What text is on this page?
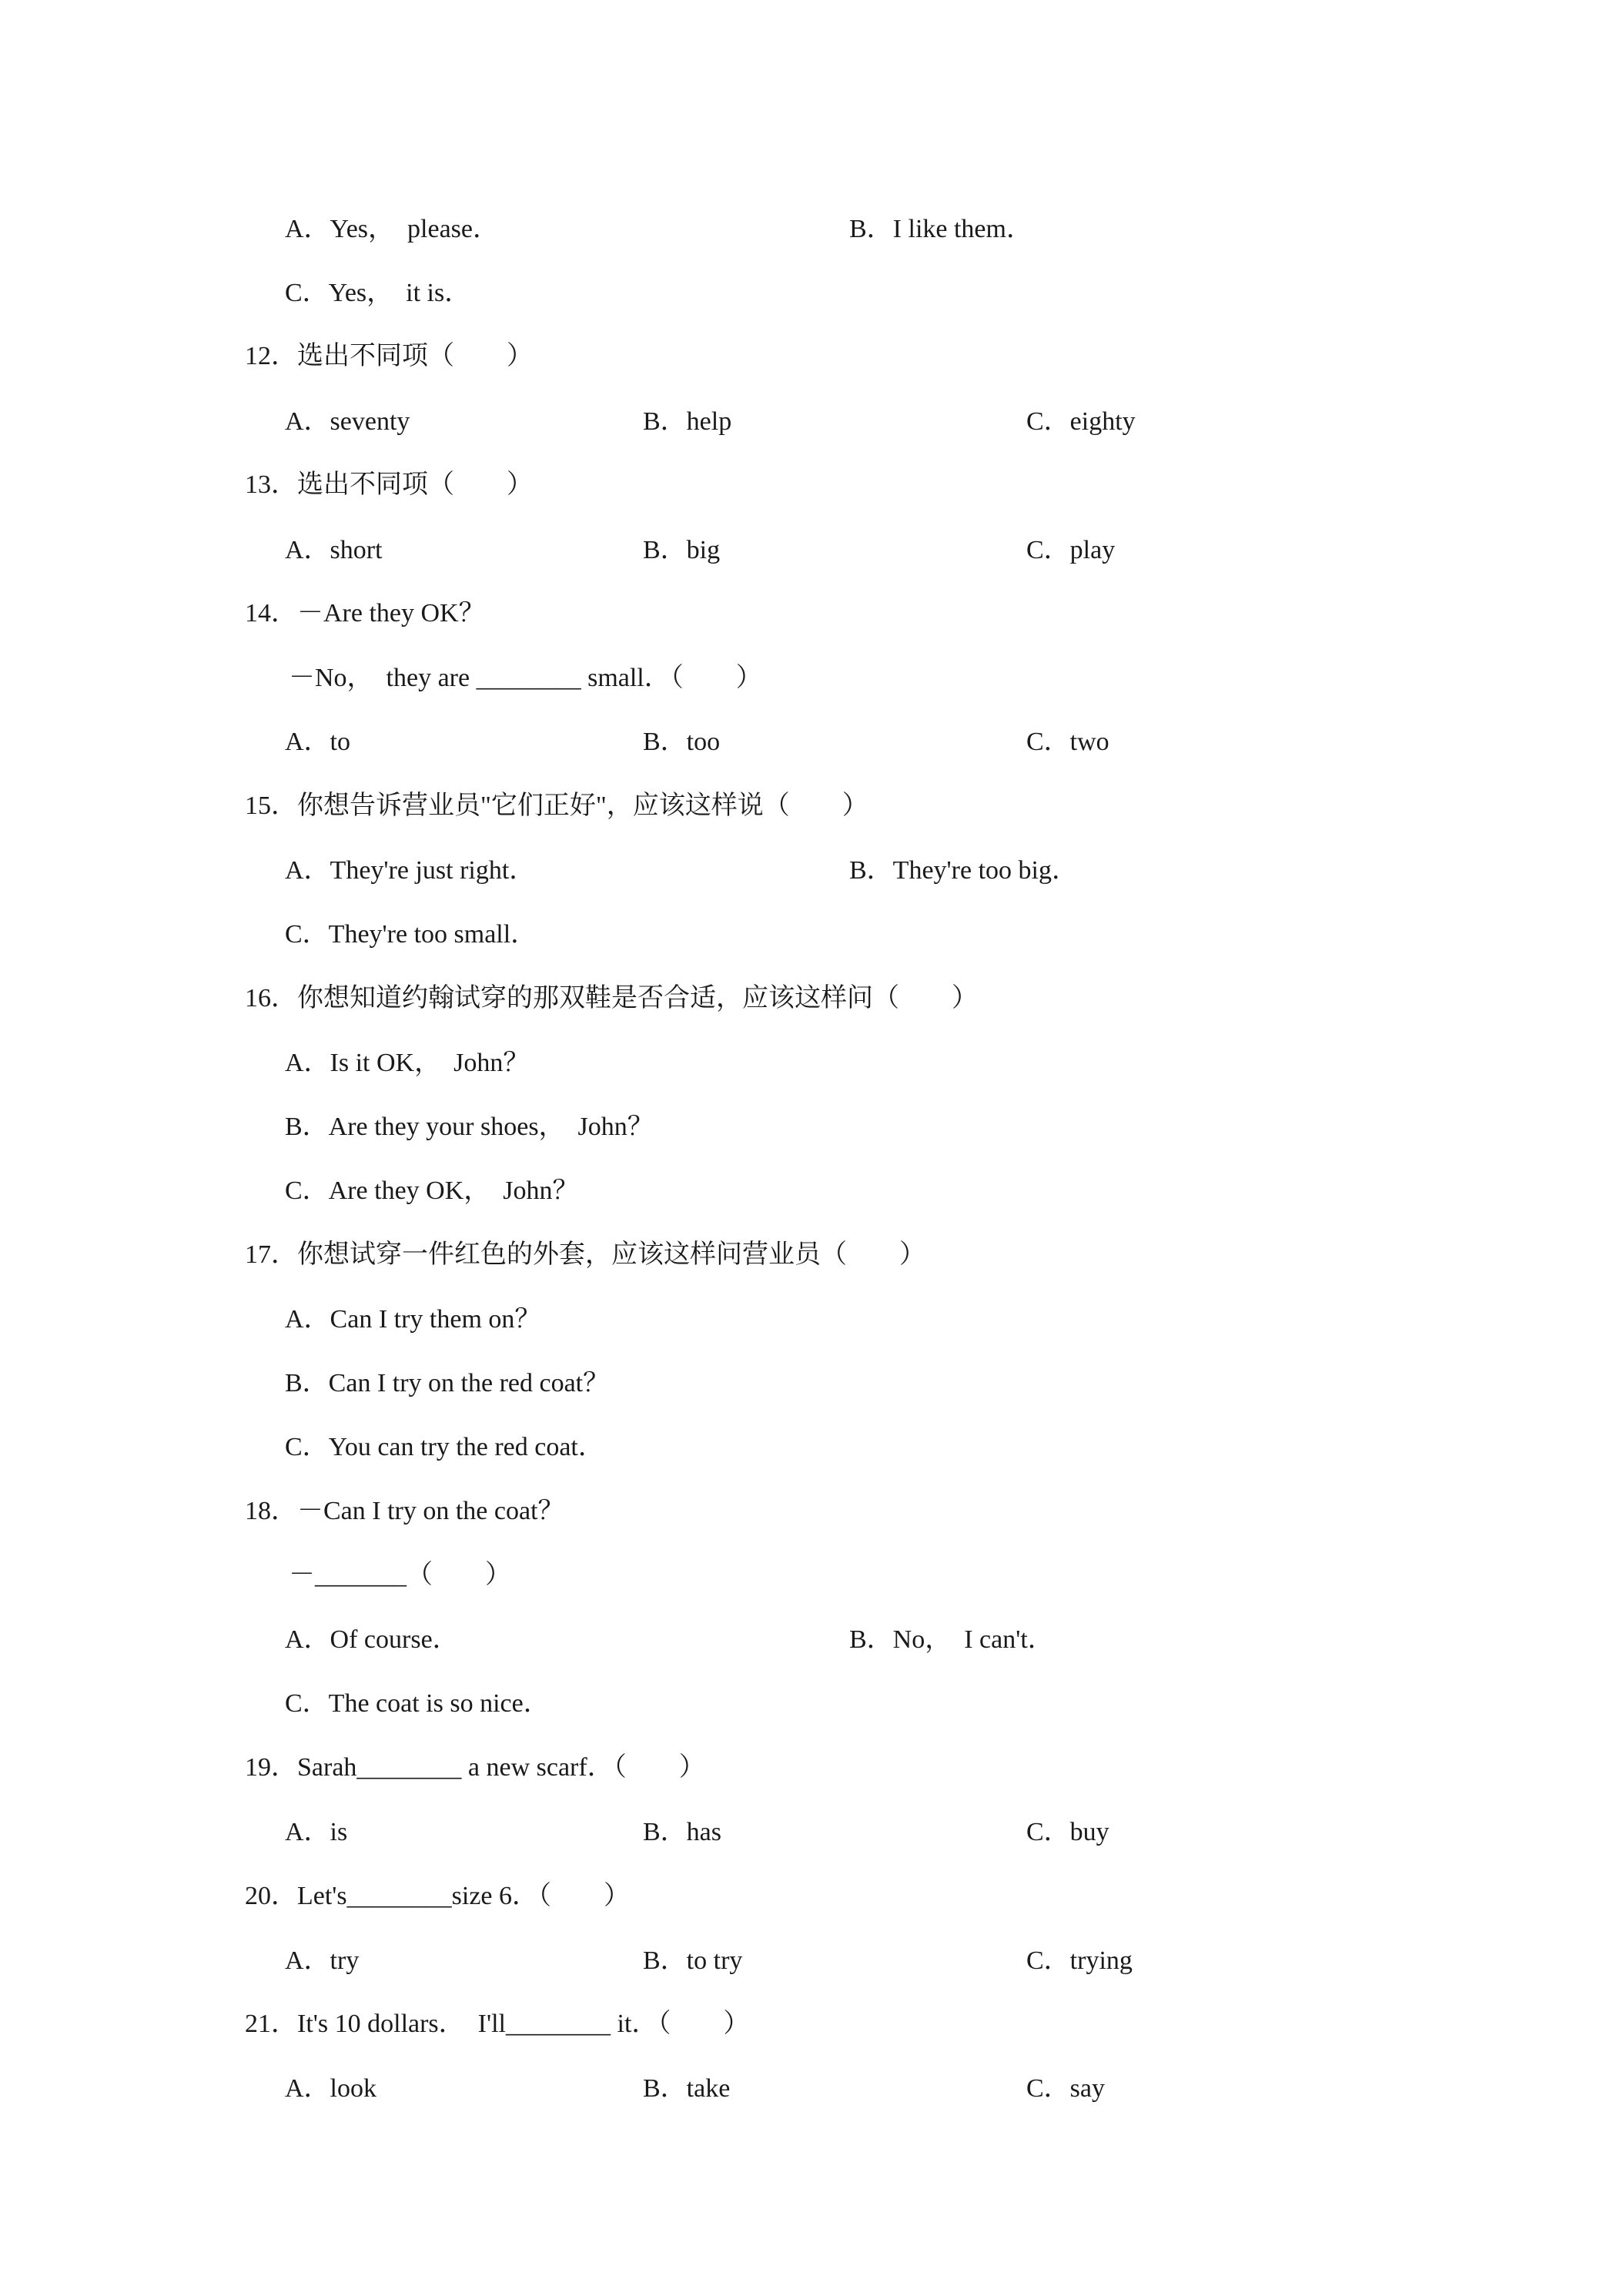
A．Yes，  please．	B．I like them．
C．Yes，  it is．
12．选出不同项（　　）
A．seventy	B．help	C．eighty
13．选出不同项（　　）
A．short	B．big	C．play
14．－Are they OK？
－No，  they are ________ small．（　　）
A．to	B．too	C．two
15．你想告诉营业员"它们正好"，应该这样说（　　）
A．They're just right．	B．They're too big．
C．They're too small．
16．你想知道约翰试穿的那双鞋是否合适，应该这样问（　　）
A．Is it OK，  John？
B．Are they your shoes，  John？
C．Are they OK，  John？
17．你想试穿一件红色的外套，应该这样问营业员（　　）
A．Can I try them on？
B．Can I try on the red coat？
C．You can try the red coat．
18．－Can I try on the coat？
－_______（　　）
A．Of course．	B．No，  I can't．
C．The coat is so nice．
19．Sarah________ a new scarf．（　　）
A．is	B．has	C．buy
20．Let's________size 6．（　　）
A．try	B．to try	C．trying
21．It's 10 dollars．  I'll________ it．（　　）
A．look	B．take	C．say
